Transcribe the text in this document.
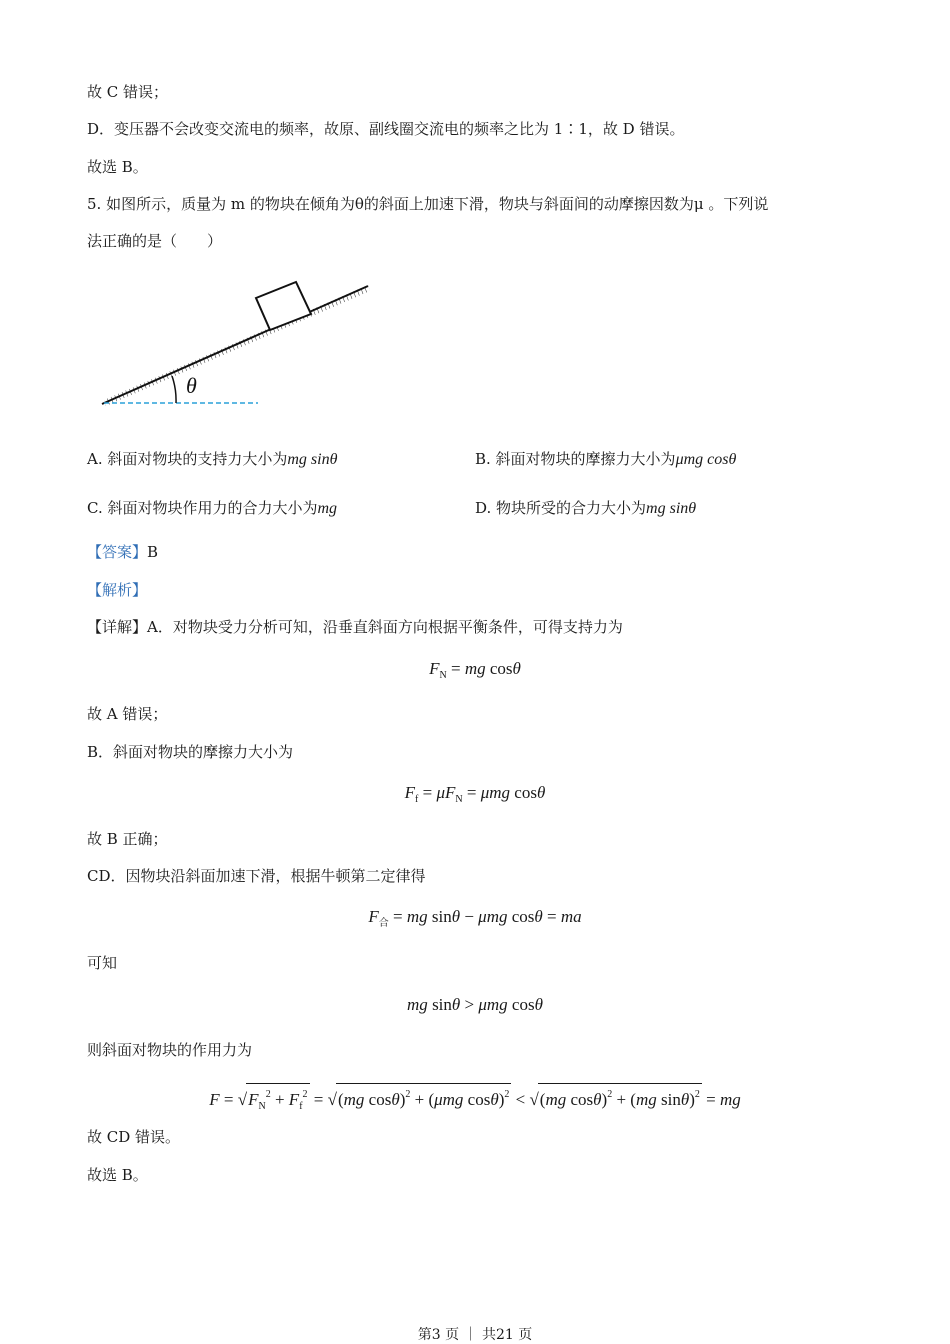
故 C 错误；
D．变压器不会改变交流电的频率，故原、副线圈交流电的频率之比为 1∶1，故 D 错误。
故选 B。
5. 如图所示，质量为 m 的物块在倾角为θ的斜面上加速下滑，物块与斜面间的动摩擦因数为μ 。下列说
法正确的是（　　）
θ
A. 斜面对物块的支持力大小为mg sinθ	B. 斜面对物块的摩擦力大小为μmg cosθ
C. 斜面对物块作用力的合力大小为mg	D. 物块所受的合力大小为mg sinθ
【答案】B
【解析】
【详解】A．对物块受力分析可知，沿垂直斜面方向根据平衡条件，可得支持力为
$F_N$ = mg cosθ
故 A 错误；
B．斜面对物块的摩擦力大小为
$F_f = \mu F_N = \mu mg$ cosθ
故 B 正确；
CD．因物块沿斜面加速下滑，根据牛顿第二定律得
$F_合$ = mg sinθ − μmg cosθ = ma
可知
mg sinθ > μmg cosθ
则斜面对物块的作用力为
$F = √F_N^2 + F_f^2 = √(mg$ cosθ)$^2$ + (μmg cosθ)$^2$ < √(mg cosθ)$^2$ + (mg sinθ)$^2$ = mg
故 CD 错误。
故选 B。
第3 页 ｜ 共21 页
